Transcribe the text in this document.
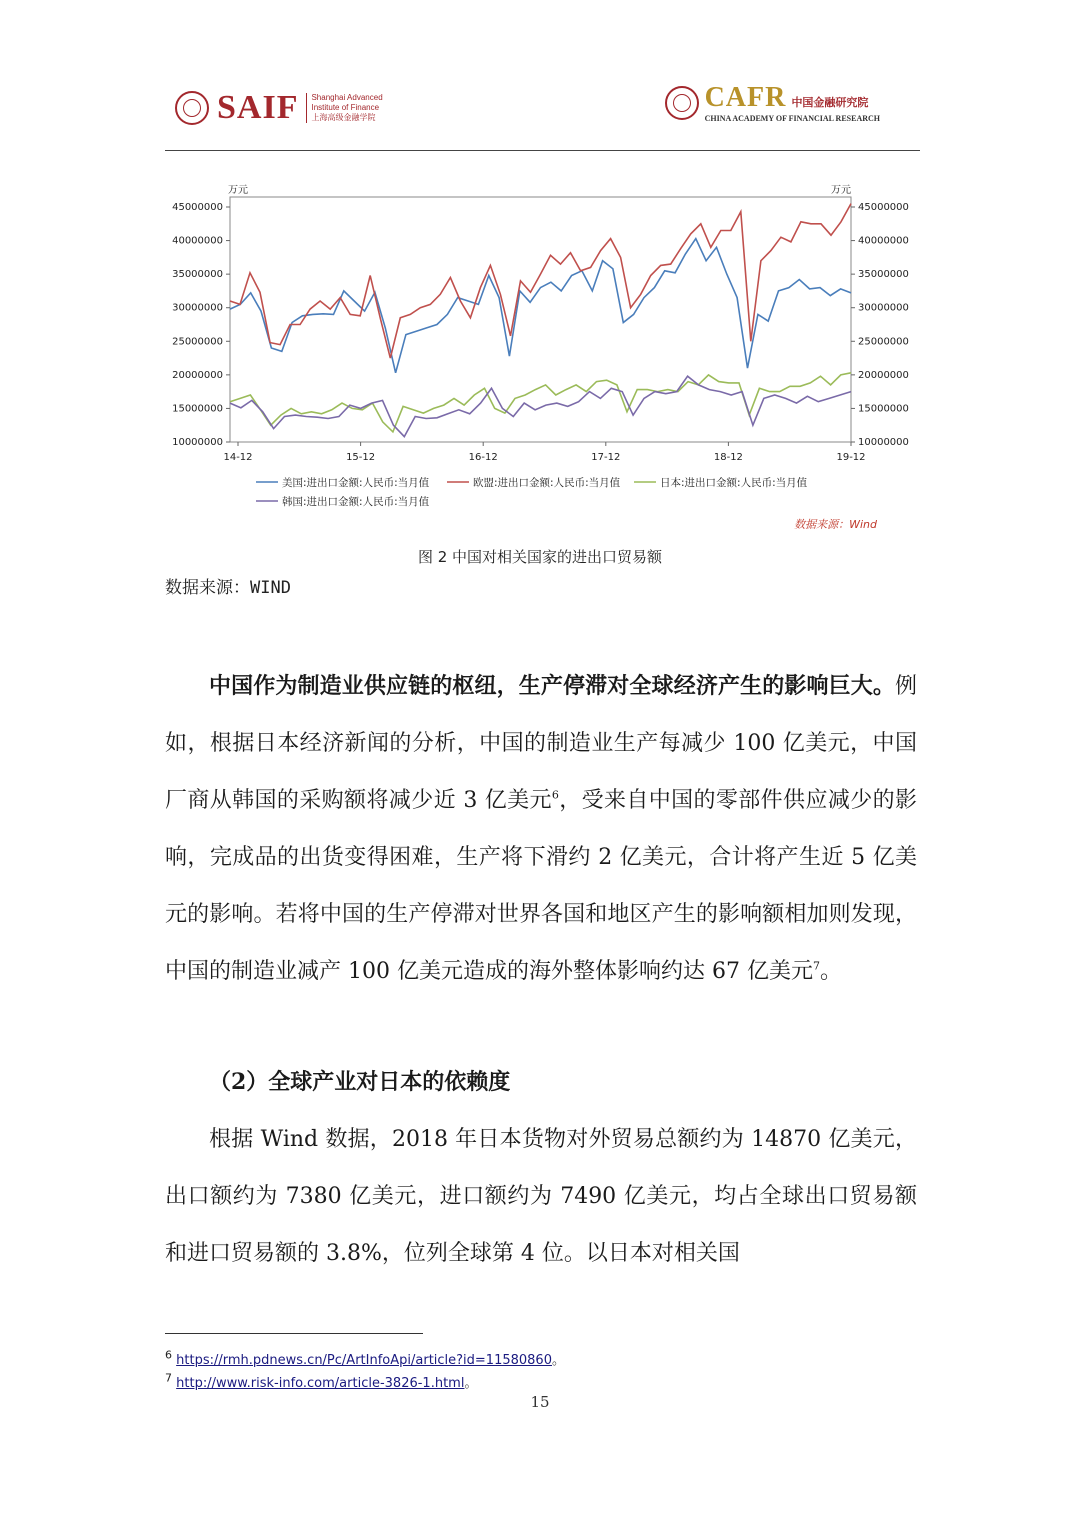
SAIF Shanghai Advanced
Institute of Finance
上海高级金融学院
CAFR 中国金融研究院
CHINA ACADEMY OF FINANCIAL RESEARCH
万元	万元
10000000	10000000
15000000	15000000
20000000	20000000
25000000	25000000
30000000	30000000
35000000	35000000
40000000	40000000
45000000	45000000
14-12	15-12	16-12	17-12	18-12	19-12
美国:进出口金额:人民币:当月值	欧盟:进出口金额:人民币:当月值	日本:进出口金额:人民币:当月值
韩国:进出口金额:人民币:当月值
数据来源：Wind
图 2 中国对相关国家的进出口贸易额
数据来源：WIND

中国作为制造业供应链的枢纽，生产停滞对全球经济产生的影响巨大。例如，根据日本经济新闻的分析，中国的制造业生产每减少 100 亿美元，中国厂商从韩国的采购额将减少近 3 亿美元$^6$，受来自中国的零部件供应减少的影响，完成品的出货变得困难，生产将下滑约 2 亿美元，合计将产生近 5 亿美元的影响。若将中国的生产停滞对世界各国和地区产生的影响额相加则发现，中国的制造业减产 100 亿美元造成的海外整体影响约达 67 亿美元$^7$。

（2）全球产业对日本的依赖度

根据 Wind 数据，2018 年日本货物对外贸易总额约为 14870 亿美元，出口额约为 7380 亿美元，进口额约为 7490 亿美元，均占全球出口贸易额和进口贸易额的 3.8%，位列全球第 4 位。以日本对相关国

$^6$ https://rmh.pdnews.cn/Pc/ArtInfoApi/article?id=11580860。
$^7$ http://www.risk-info.com/article-3826-1.html。
15
